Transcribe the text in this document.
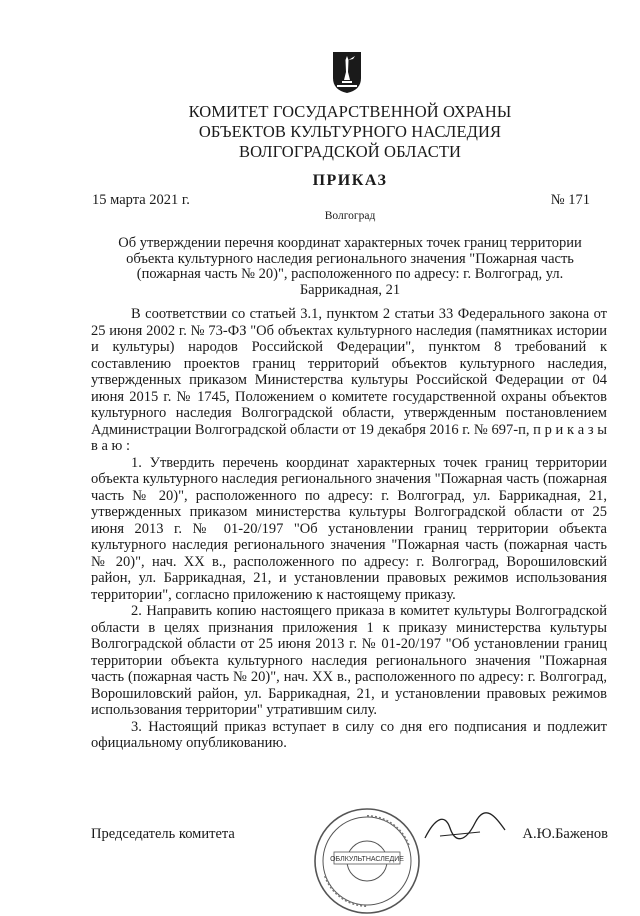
КОМИТЕТ ГОСУДАРСТВЕННОЙ ОХРАНЫ
ОБЪЕКТОВ КУЛЬТУРНОГО НАСЛЕДИЯ
ВОЛГОГРАДСКОЙ ОБЛАСТИ
ПРИКАЗ
15 марта 2021 г.	№ 171
Волгоград
Об утверждении перечня координат характерных точек границ территории объекта культурного наследия регионального значения "Пожарная часть (пожарная часть № 20)", расположенного по адресу: г. Волгоград, ул. Баррикадная, 21

В соответствии со статьей 3.1, пунктом 2 статьи 33 Федерального закона от 25 июня 2002 г. № 73-ФЗ "Об объектах культурного наследия (памятниках истории и культуры) народов Российской Федерации", пунктом 8 требований к составлению проектов границ территорий объектов культурного наследия, утвержденных приказом Министерства культуры Российской Федерации от 04 июня 2015 г. № 1745, Положением о комитете государственной охраны объектов культурного наследия Волгоградской области, утвержденным постановлением Администрации Волгоградской области от 19 декабря 2016 г. № 697-п, п р и к а з ы в а ю :

1. Утвердить перечень координат характерных точек границ территории объекта культурного наследия регионального значения "Пожарная часть (пожарная часть № 20)", расположенного по адресу: г. Волгоград, ул. Баррикадная, 21, утвержденных приказом министерства культуры Волгоградской области от 25 июня 2013 г. № 01-20/197 "Об установлении границ территории объекта культурного наследия регионального значения "Пожарная часть (пожарная часть № 20)", нач. XX в., расположенного по адресу: г. Волгоград, Ворошиловский район, ул. Баррикадная, 21, и установлении правовых режимов использования территории", согласно приложению к настоящему приказу.

2. Направить копию настоящего приказа в комитет культуры Волгоградской области в целях признания приложения 1 к приказу министерства культуры Волгоградской области от 25 июня 2013 г. № 01-20/197 "Об установлении границ территории объекта культурного наследия регионального значения "Пожарная часть (пожарная часть № 20)", нач. XX в., расположенного по адресу: г. Волгоград, Ворошиловский район, ул. Баррикадная, 21, и установлении правовых режимов использования территории" утратившим силу.

3. Настоящий приказ вступает в силу со дня его подписания и подлежит официальному опубликованию.

Председатель комитета	А.Ю.Баженов
ОБЛКУЛЬТНАСЛЕДИЕ
